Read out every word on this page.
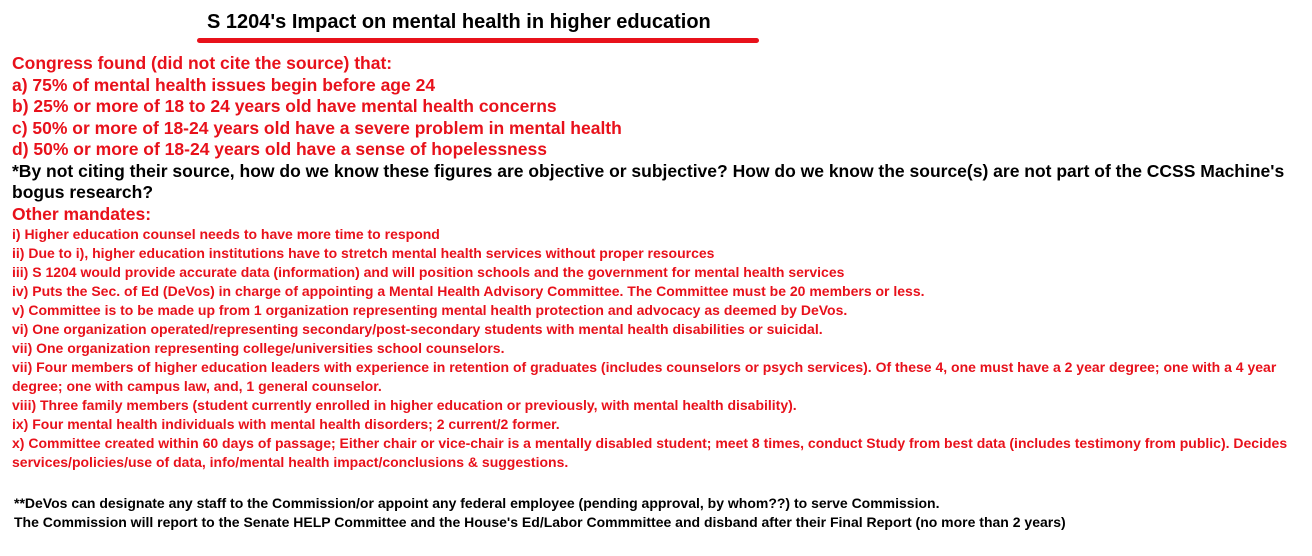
S 1204's Impact on mental health in higher education
Congress found (did not cite the source) that:
a) 75% of mental health issues begin before age 24
b) 25% or more of 18 to 24 years old have mental health concerns
c) 50% or more of 18-24 years old have a severe problem in mental health
d) 50% or more of 18-24 years old have a sense of hopelessness
*By not citing their source, how do we know these figures are objective or subjective? How do we know the source(s) are not part of the CCSS Machine's bogus research?
Other mandates:
i) Higher education counsel needs to have more time to respond
ii) Due to i), higher education institutions have to stretch mental health services without proper resources
iii) S 1204 would provide accurate data (information) and will position schools and the government for mental health services
iv) Puts the Sec. of Ed (DeVos) in charge of appointing a Mental Health Advisory Committee. The Committee must be 20 members or less.
v) Committee is to be made up from 1 organization representing mental health protection and advocacy as deemed by DeVos.
vi) One organization operated/representing secondary/post-secondary students with mental health disabilities or suicidal.
vii) One organization representing college/universities school counselors.
vii) Four members of higher education leaders with experience in retention of graduates (includes counselors or psych services). Of these 4, one must have a 2 year degree; one with a 4 year degree; one with campus law, and, 1 general counselor.
viii) Three family members (student currently enrolled in higher education or previously, with mental health disability).
ix) Four mental health individuals with mental health disorders; 2 current/2 former.
x) Committee created within 60 days of passage; Either chair or vice-chair is a mentally disabled student; meet 8 times, conduct Study from best data (includes testimony from public). Decides services/policies/use of data, info/mental health impact/conclusions & suggestions.
**DeVos can designate any staff to the Commission/or appoint any federal employee (pending approval, by whom??) to serve Commission.
The Commission will report to the Senate HELP Committee and the House's Ed/Labor Commmittee and disband after their Final Report (no more than 2 years)
